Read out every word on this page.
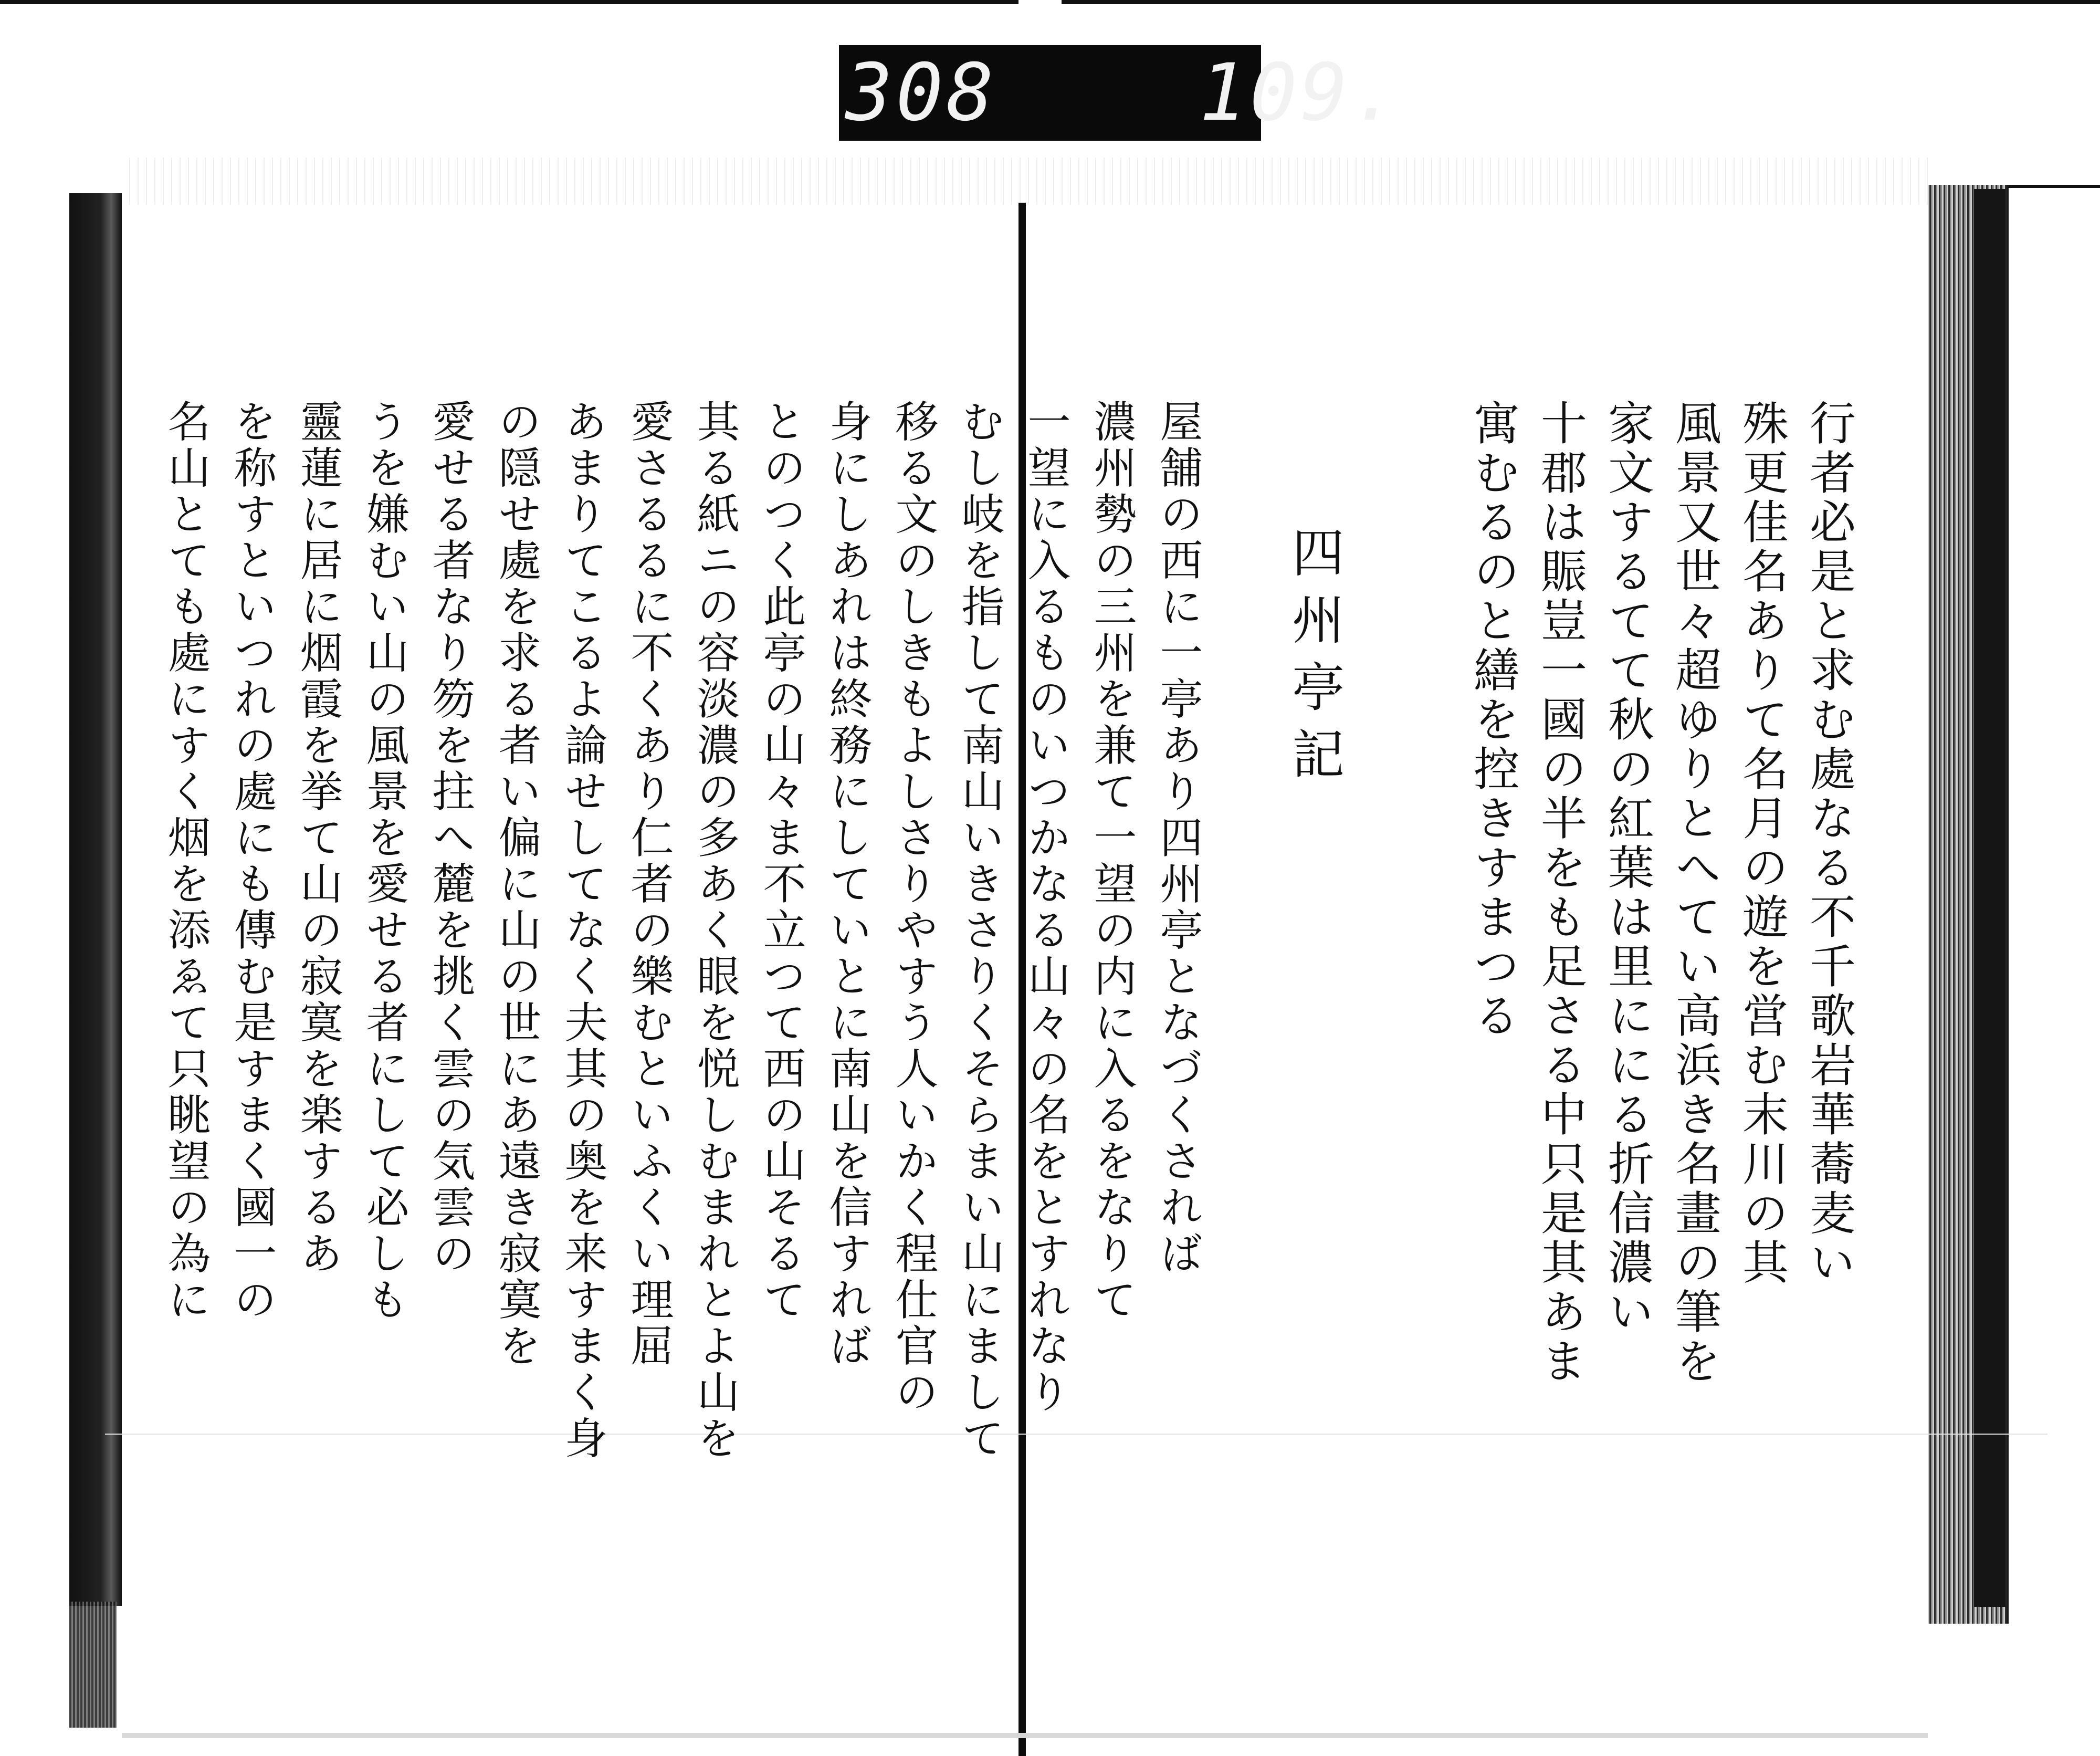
308
	109.

行者必是と求む處なる不千歌岩華蕎麦い

殊更佳名ありて名月の遊を営む末川の其

風景又世々超ゆりとへてい高浜き名畫の筆を

家文するてて秋の紅葉は里ににる折信濃い

十郡は賑豈一國の半をも足さる中只是其あま

寓むるのと繕を控きすまつる

四州亭記

屋舗の西に一亭あり四州亭となづくされば

濃州勢の三州を兼て一望の内に入るをなりて

一望に入るものいつかなる山々の名をとすれなり

むし岐を指して南山いきさりくそらまい山にまして

移る文のしきもよしさりやすう人いかく程仕官の

身にしあれは終務にしていとに南山を信すれば

とのつく此亭の山々ま不立つて西の山そるて

其る紙ニの容淡濃の多あく眼を悦しむまれとよ山を

愛さるるに不くあり仁者の樂むといふくい理屈

あまりてこるよ論せしてなく夫其の奥を来すまく身

の隠せ處を求る者い偏に山の世にあ遠き寂寞を

愛せる者なり笏を拄へ麓を挑く雲の気雲の

うを嫌むい山の風景を愛せる者にして必しも

靈蓮に居に烟霞を挙て山の寂寞を楽するあ

を称すといつれの處にも傳む是すまく國一の

名山とても處にすく烟を添ゑて只眺望の為に
